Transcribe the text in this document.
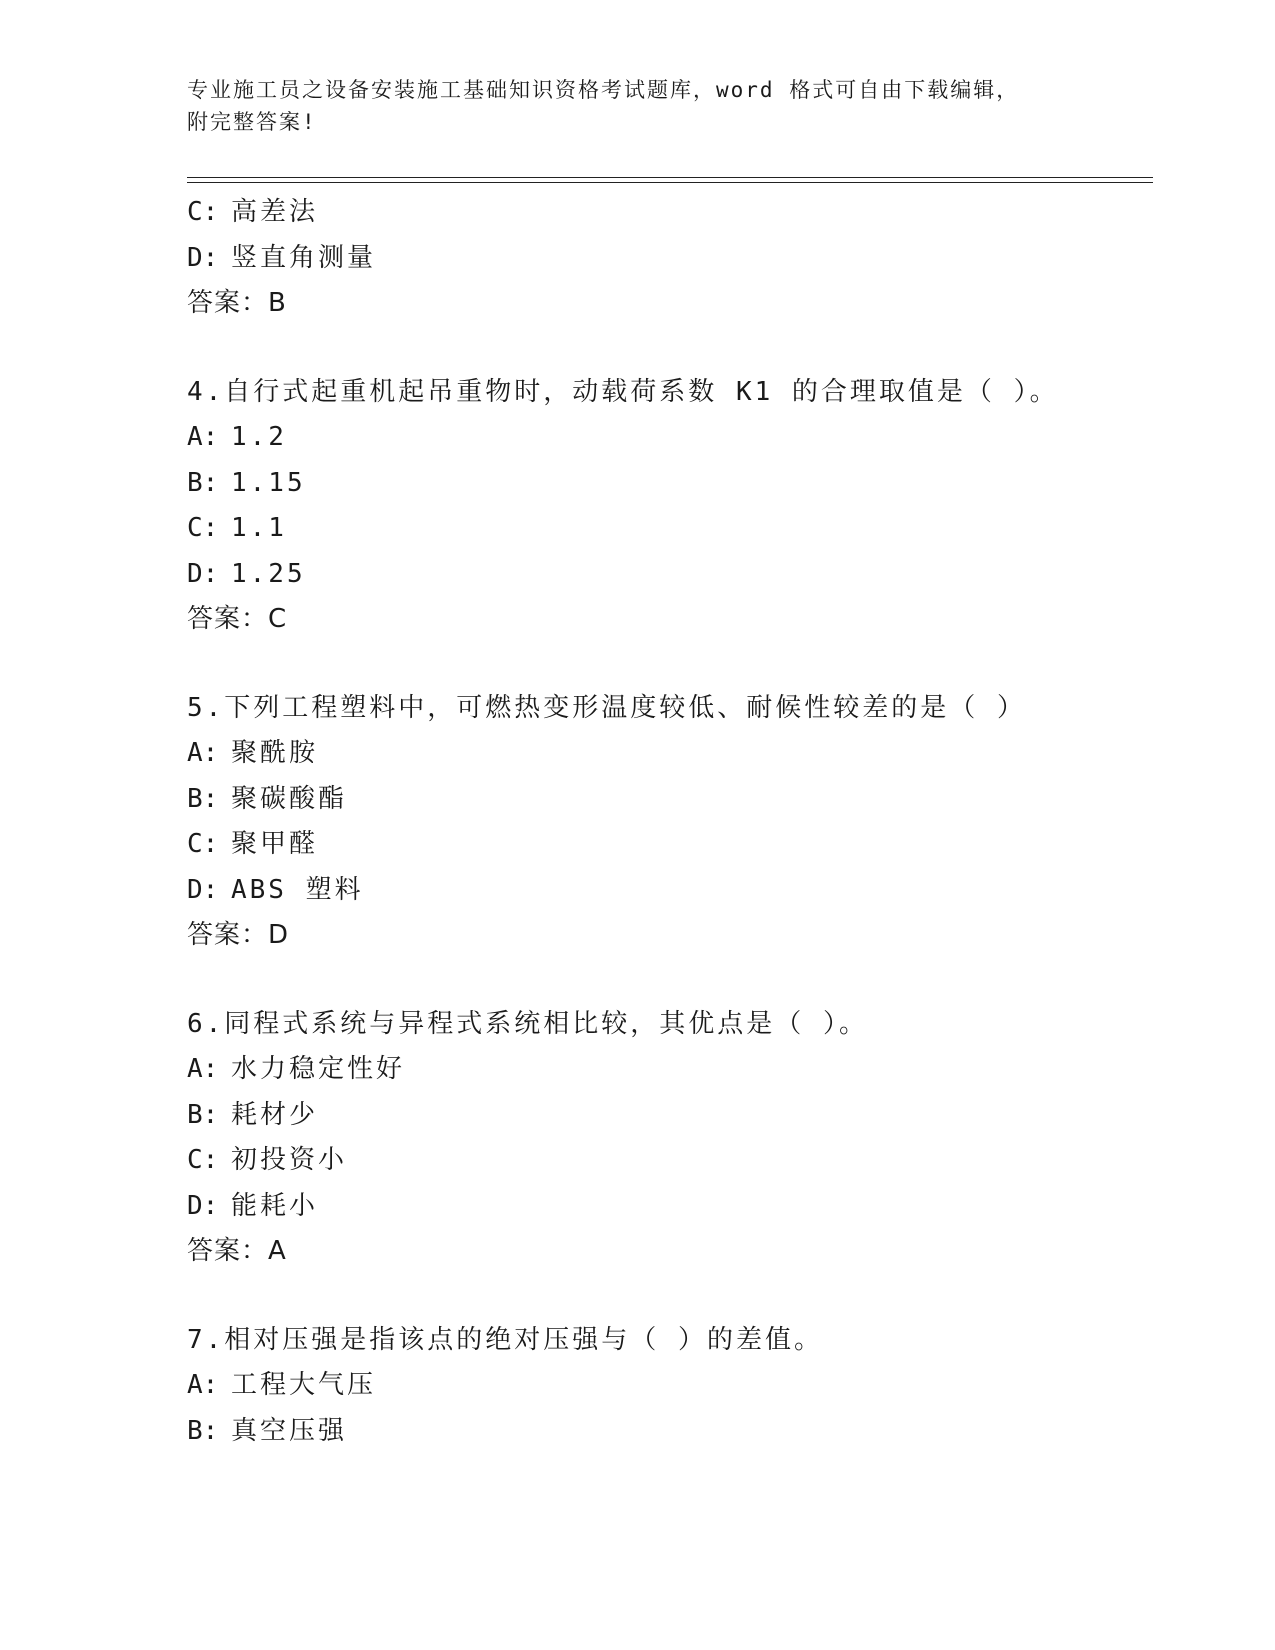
专业施工员之设备安装施工基础知识资格考试题库，word 格式可自由下载编辑，
附完整答案!
C: 高差法
D: 竖直角测量
答案：B
4.自行式起重机起吊重物时，动载荷系数 K1 的合理取值是（ ）。
A: 1.2
B: 1.15
C: 1.1
D: 1.25
答案：C
5.下列工程塑料中，可燃热变形温度较低、耐候性较差的是（ ）
A: 聚酰胺
B: 聚碳酸酯
C: 聚甲醛
D: ABS 塑料
答案：D
6.同程式系统与异程式系统相比较，其优点是（ ）。
A: 水力稳定性好
B: 耗材少
C: 初投资小
D: 能耗小
答案：A
7.相对压强是指该点的绝对压强与（ ）的差值。
A: 工程大气压
B: 真空压强
